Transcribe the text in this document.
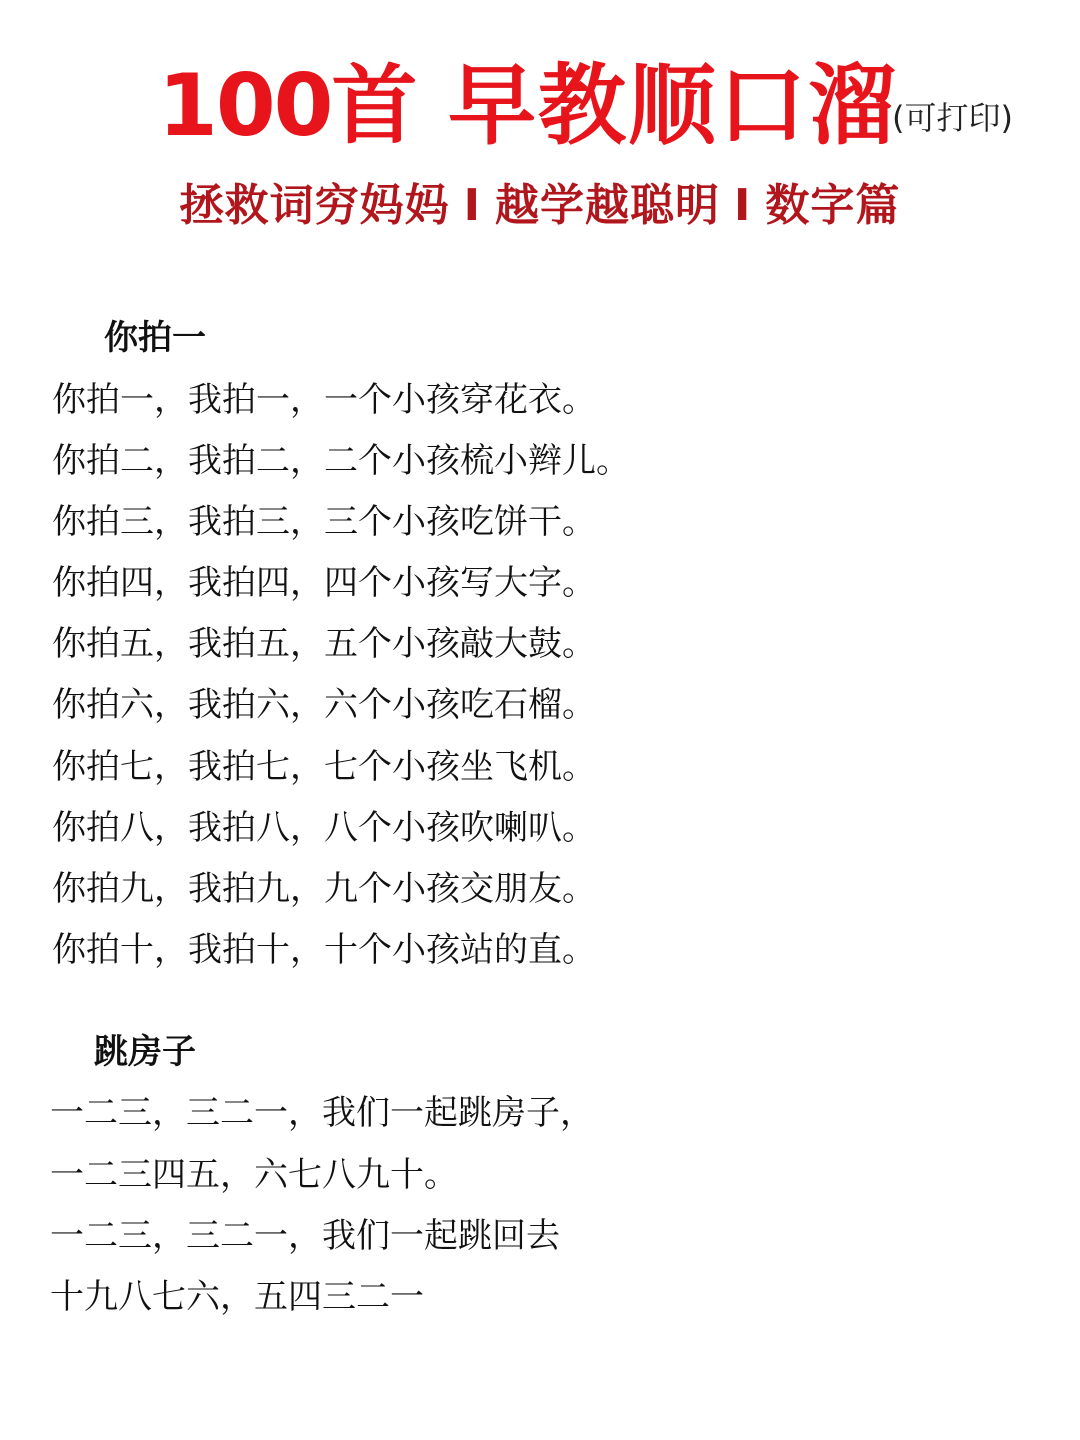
100首 早教顺口溜
(可打印)
拯救词穷妈妈 I 越学越聪明 I 数字篇
你拍一
你拍一，我拍一，一个小孩穿花衣。
你拍二，我拍二，二个小孩梳小辫儿。
你拍三，我拍三，三个小孩吃饼干。
你拍四，我拍四，四个小孩写大字。
你拍五，我拍五，五个小孩敲大鼓。
你拍六，我拍六，六个小孩吃石榴。
你拍七，我拍七，七个小孩坐飞机。
你拍八，我拍八，八个小孩吹喇叭。
你拍九，我拍九，九个小孩交朋友。
你拍十，我拍十，十个小孩站的直。
跳房子
一二三，三二一，我们一起跳房子，
一二三四五，六七八九十。
一二三，三二一，我们一起跳回去
十九八七六，五四三二一
